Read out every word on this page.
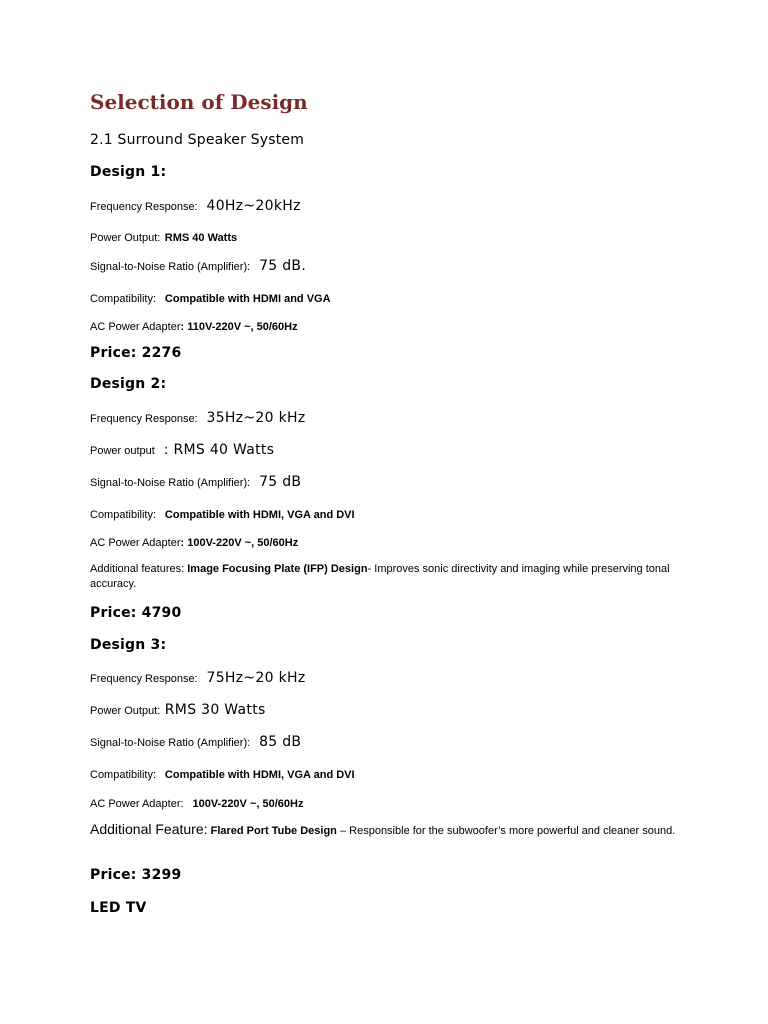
Selection of Design
2.1 Surround Speaker System
Design 1:
Frequency Response: 40Hz~20kHz
Power Output: RMS 40 Watts
Signal-to-Noise Ratio (Amplifier): 75 dB.
Compatibility: Compatible with HDMI and VGA
AC Power Adapter: 110V-220V ~, 50/60Hz
Price: 2276
Design 2:
Frequency Response: 35Hz~20 kHz
Power output : RMS 40 Watts
Signal-to-Noise Ratio (Amplifier): 75 dB
Compatibility: Compatible with HDMI, VGA and DVI
AC Power Adapter: 100V-220V ~, 50/60Hz
Additional features: Image Focusing Plate (IFP) Design- Improves sonic directivity and imaging while preserving tonal accuracy.
Price: 4790
Design 3:
Frequency Response: 75Hz~20 kHz
Power Output: RMS 30 Watts
Signal-to-Noise Ratio (Amplifier): 85 dB
Compatibility: Compatible with HDMI, VGA and DVI
AC Power Adapter: 100V-220V ~, 50/60Hz
Additional Feature: Flared Port Tube Design – Responsible for the subwoofer’s more powerful and cleaner sound.
Price: 3299
LED TV
